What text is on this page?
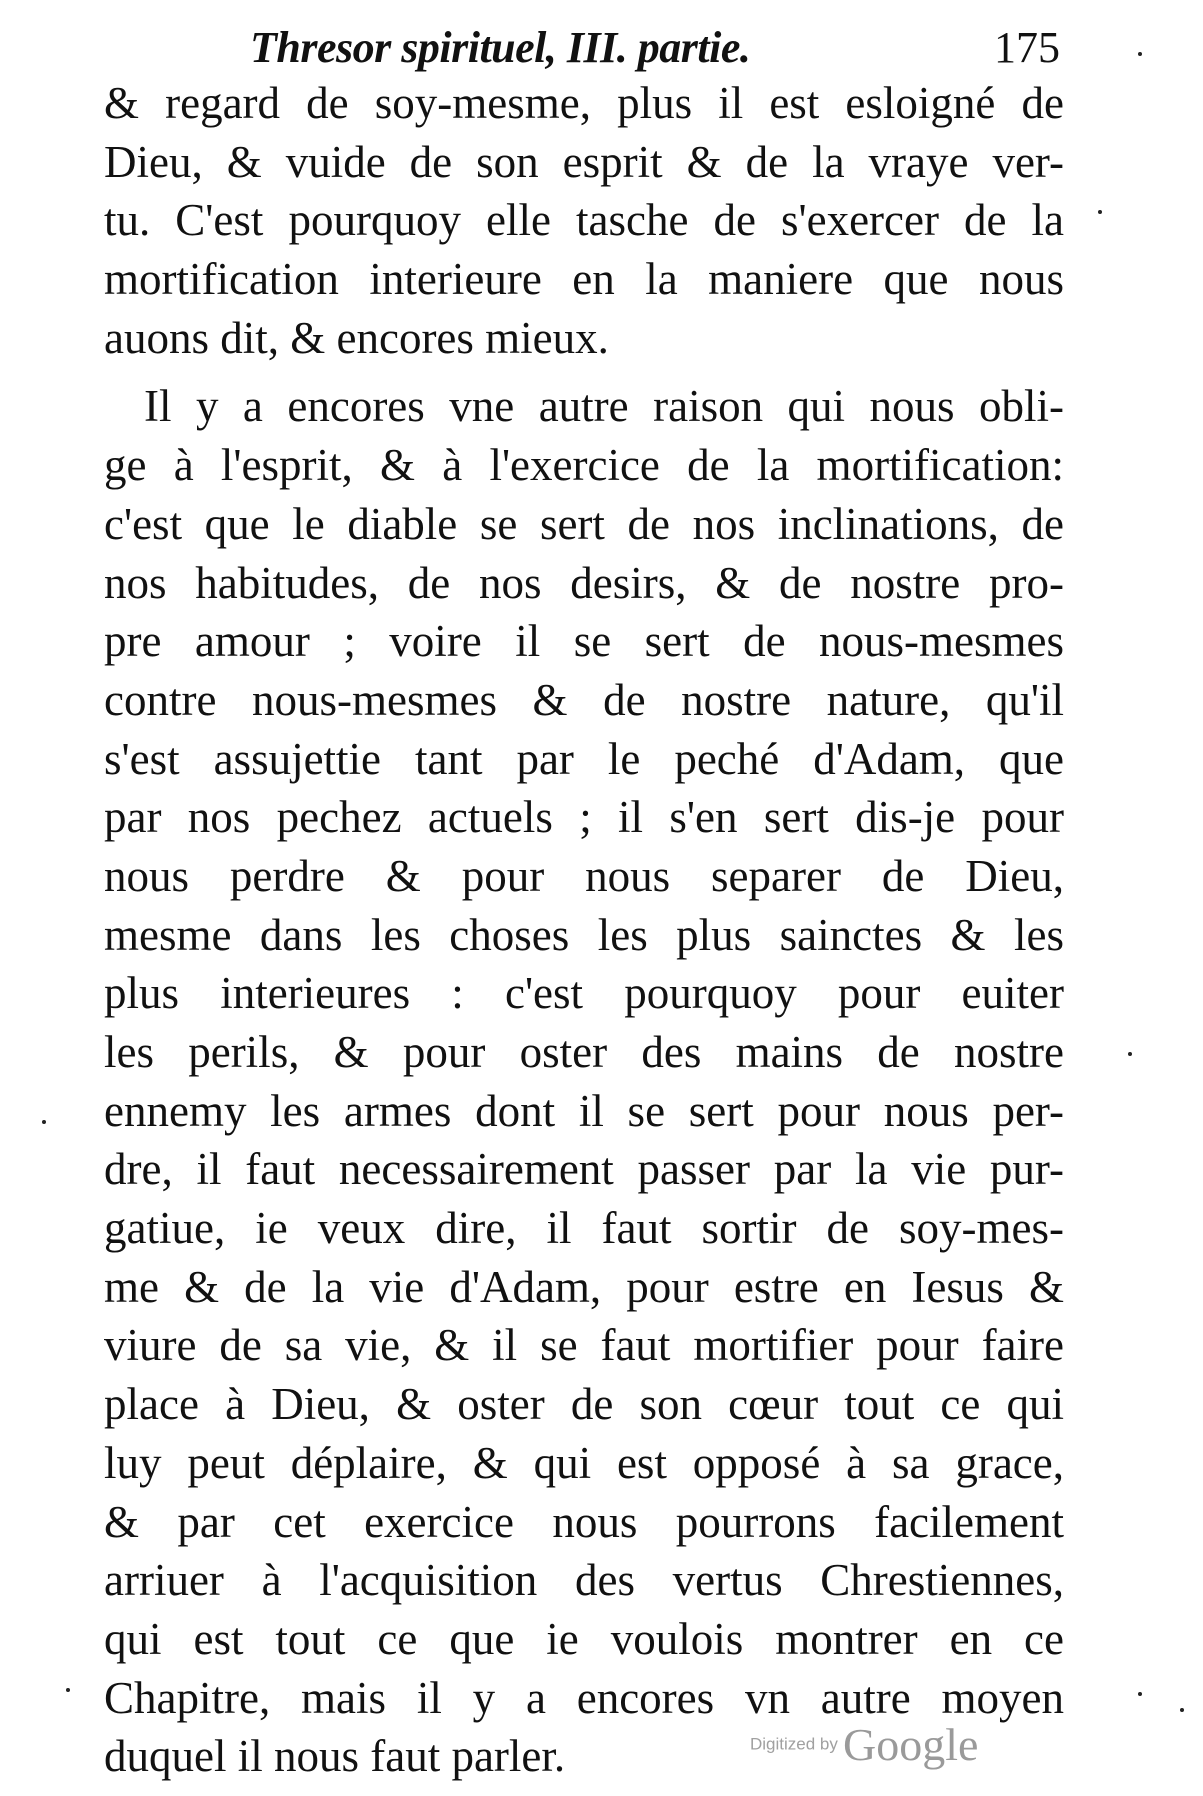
Thresor spirituel, III. partie.	175
& regard de soy-mesme, plus il est esloigné de
Dieu, & vuide de son esprit & de la vraye ver-
tu. C'est pourquoy elle tasche de s'exercer de la
mortification interieure en la maniere que nous
auons dit, & encores mieux.
Il y a encores vne autre raison qui nous obli-
ge à l'esprit, & à l'exercice de la mortification:
c'est que le diable se sert de nos inclinations, de
nos habitudes, de nos desirs, & de nostre pro-
pre amour ; voire il se sert de nous-mesmes
contre nous-mesmes & de nostre nature, qu'il
s'est assujettie tant par le peché d'Adam, que
par nos pechez actuels ; il s'en sert dis-je pour
nous perdre & pour nous separer de Dieu,
mesme dans les choses les plus sainctes & les
plus interieures : c'est pourquoy pour euiter
les perils, & pour oster des mains de nostre
ennemy les armes dont il se sert pour nous per-
dre, il faut necessairement passer par la vie pur-
gatiue, ie veux dire, il faut sortir de soy-mes-
me & de la vie d'Adam, pour estre en Iesus &
viure de sa vie, & il se faut mortifier pour faire
place à Dieu, & oster de son cœur tout ce qui
luy peut déplaire, & qui est opposé à sa grace,
& par cet exercice nous pourrons facilement
arriuer à l'acquisition des vertus Chrestiennes,
qui est tout ce que ie voulois montrer en ce
Chapitre, mais il y a encores vn autre moyen
duquel il nous faut parler.	Digitized by Google
